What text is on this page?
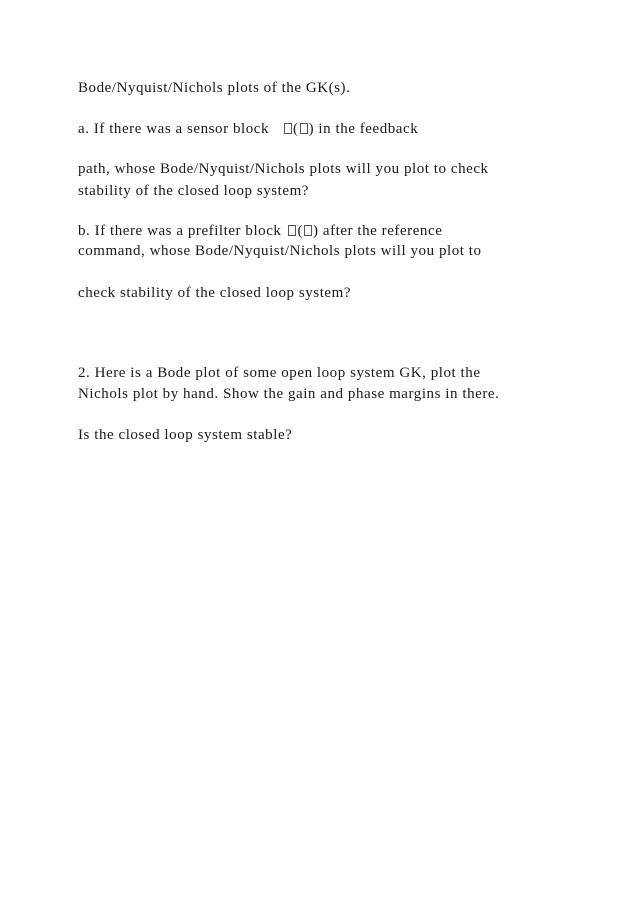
Bode/Nyquist/Nichols plots of the GK(s).
a. If there was a sensor block ( ) in the feedback
path, whose Bode/Nyquist/Nichols plots will you plot to check
stability of the closed loop system?
b. If there was a prefilter block ( ) after the reference
command, whose Bode/Nyquist/Nichols plots will you plot to
check stability of the closed loop system?
2. Here is a Bode plot of some open loop system GK, plot the
Nichols plot by hand. Show the gain and phase margins in there.
Is the closed loop system stable?
